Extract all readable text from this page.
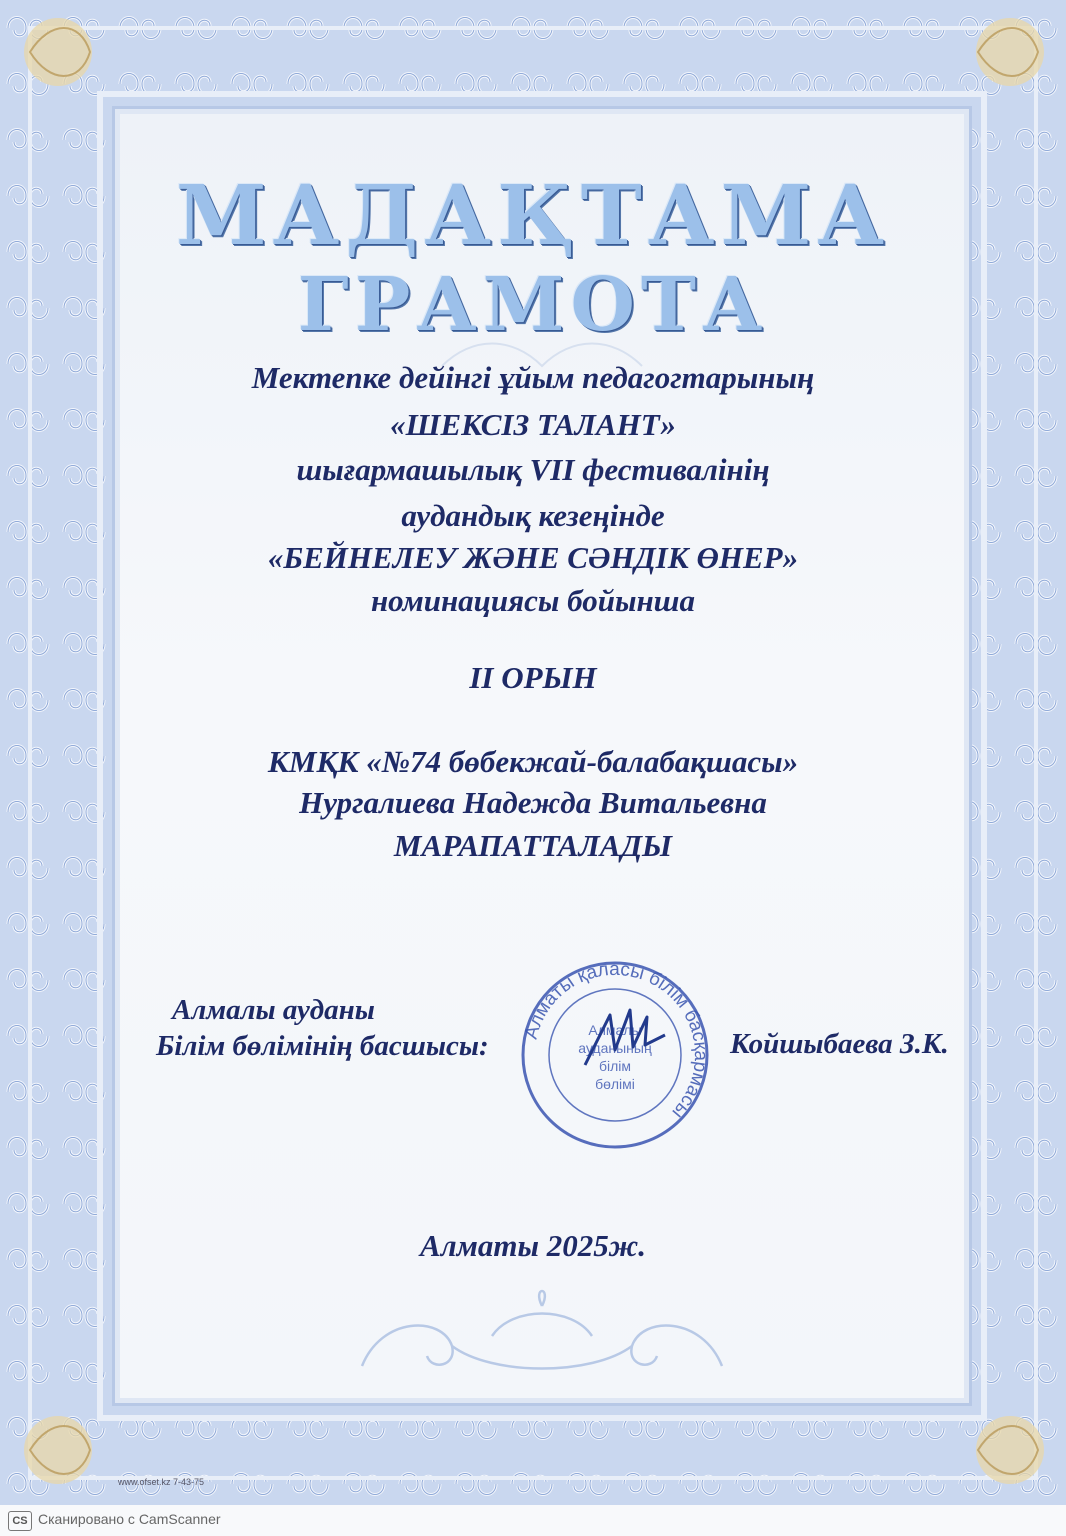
МАДАҚТАМА
ГРАМОТА
Мектепке дейінгі ұйым педагогтарының
«ШЕКСІЗ ТАЛАНТ»
шығармашылық VII фестивалінің
аудандық кезеңінде
«БЕЙНЕЛЕУ ЖӘНЕ СӘНДІК ӨНЕР»
номинациясы бойынша
II ОРЫН
КМҚК «№74 бөбекжай-балабақшасы»
Нургалиева Надежда Витальевна
МАРАПАТТАЛАДЫ
Алмалы ауданы
Білім бөлімінің басшысы:	Койшыбаева З.К.
Алматы қаласы білім басқармасы
Алмалы
ауданының
білім
бөлімі
Алматы 2025ж.
www.ofset.kz 7-43-75
CS Сканировано с CamScanner
